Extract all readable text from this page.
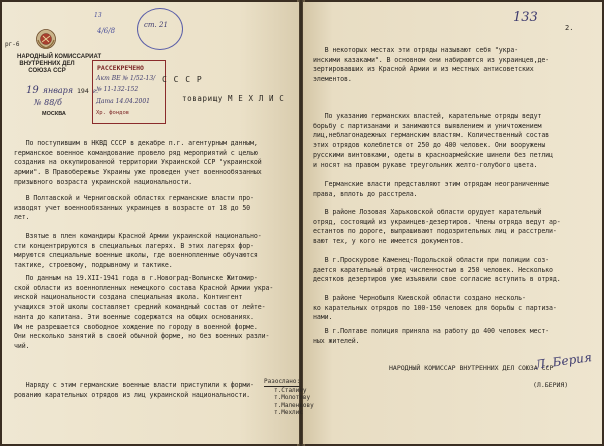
рг-6
НАРОДНЫЙ КОМИССАРИАТ
ВНУТРЕННИХ ДЕЛ
СОЮЗА ССР
19 января 194 г.
№ 88/б
МОСКВА
13
4/6/8
ст. 21
РАССЕКРЕЧЕНО
Акт ВЕ № 1/52-13/
№ 11-132-152
Дата 14.04.2001
Хр. фондов
С С С Р
товарищу М Е Х Л И С
По поступившим в НКВД СССР в декабре п.г. агентурным данным,
германское военное командование провело ряд мероприятий с целью
создания на оккупированной территории Украинской ССР "украинской
армии". В Правобережье Украины уже проведен учет военнообязанных
призывного возраста украинской национальности.
В Полтавской и Черниговской областях германские власти про-
изводят учет военнообязанных украинцев в возрасте от 18 до 50
лет.
Взятые в плен командиры Красной Армии украинской национально-
сти концентрируются в специальных лагерях. В этих лагерях фор-
мируются специальные военные школы, где военнопленные обучаются
тактике, строевому, подрывному и тактике.
По данным на 19.XII-1941 года в г.Новоград-Волынске Житомир-
ской области из военнопленных немецкого состава Красной Армии укра-
инской национальности создана специальная школа. Контингент
учащихся этой школы составляет средний командный состав от лейте-
нанта до капитана. Эти военные содержатся на общих основаниях.
Им не разрешается свободное хождение по городу в военной форме.
Они несколько занятий в своей обычной форме, но без военных разли-
чий.
Наряду с этим германские военные власти приступили к форми-
рованию карательных отрядов из лиц украинской национальности.
133
2.
В некоторых местах эти отряды называют себя "укра-
инскими казаками". В основном они набираются из украинцев,де-
зертировавших из Красной Армии и из местных антисоветских
элементов.
По указанию германских властей, карательные отряды ведут
борьбу с партизанами и занимаются выявлением и уничтожением
лиц,неблагонадежных германским властям. Количественный состав
этих отрядов колеблется от 250 до 400 человек. Они вооружены
русскими винтовками, одеты в красноармейские шинели без петлиц
и носят на правом рукаве треугольник желто-голубого цвета.
Германские власти представляют этим отрядам неограниченные
права, вплоть до расстрела.
В районе Лозовая Харьковской области орудует карательный
отряд, состоящий из украинцев-дезертиров. Члены отряда ведут ар-
естантов по дороге, выпрашивают подозрительных лиц и расстрели-
вают тех, у кого не имеется документов.
В г.Проскурове Каменец-Подольской области при полиции соз-
дается карательный отряд численностью в 250 человек. Несколько
десятков дезертиров уже изъявили свое согласие вступить в отряд.
В районе Чернобыля Киевской области создано несколь-
ко карательных отрядов по 100-150 человек для борьбы с партиза-
нами.
В г.Полтаве полиция приняла на работу до 400 человек мест-
ных жителей.
НАРОДНЫЙ КОМИССАР ВНУТРЕННИХ ДЕЛ СОЮЗА ССР
Л. Берия
(Л.БЕРИЯ)
Разослано:
т.Сталину
т.Молотову
т.Маленкову
т.Мехлис
